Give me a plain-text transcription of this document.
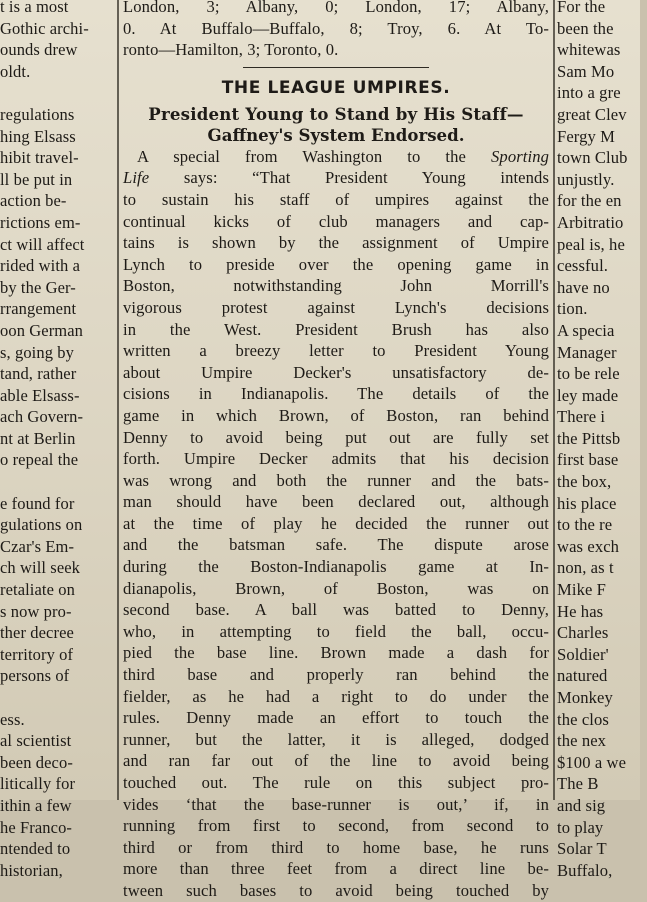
t is a most
Gothic archi-
ounds drew
oldt.

regulations
hing Elsass
hibit travel-
ll be put in
action be-
rictions em-
ct will affect
rided with a
by the Ger-
rrangement
oon German
s, going by
tand, rather
able Elsass-
ach Govern-
nt at Berlin
o repeal the

e found for
gulations on
Czar's Em-
ch will seek
retaliate on
s now pro-
ther decree
territory of
persons of

ess.
al scientist
been deco-
litically for
ithin a few
he Franco-
ntended to
historian,
London, 3; Albany, 0; London, 17; Albany,
0. At Buffalo—Buffalo, 8; Troy, 6. At To-
ronto—Hamilton, 3; Toronto, 0.
THE LEAGUE UMPIRES.
President Young to Stand by His Staff—
Gaffney's System Endorsed.
A special from Washington to the Sporting
Life says: “That President Young intends
to sustain his staff of umpires against the
continual kicks of club managers and cap-
tains is shown by the assignment of Umpire
Lynch to preside over the opening game in
Boston, notwithstanding John Morrill's
vigorous protest against Lynch's decisions
in the West. President Brush has also
written a breezy letter to President Young
about Umpire Decker's unsatisfactory de-
cisions in Indianapolis. The details of the
game in which Brown, of Boston, ran behind
Denny to avoid being put out are fully set
forth. Umpire Decker admits that his decision
was wrong and both the runner and the bats-
man should have been declared out, although
at the time of play he decided the runner out
and the batsman safe. The dispute arose
during the Boston-Indianapolis game at In-
dianapolis, Brown, of Boston, was on
second base. A ball was batted to Denny,
who, in attempting to field the ball, occu-
pied the base line. Brown made a dash for
third base and properly ran behind the
fielder, as he had a right to do under the
rules. Denny made an effort to touch the
runner, but the latter, it is alleged, dodged
and ran far out of the line to avoid being
touched out. The rule on this subject pro-
vides ‘that the base-runner is out,’ if, in
running from first to second, from second to
third or from third to home base, he runs
more than three feet from a direct line be-
tween such bases to avoid being touched by
For the
been the
whitewas
Sam Mo
into a gre
great Clev
Fergy M
town Club
unjustly.
for the en
Arbitratio
peal is, he
cessful.
have no
tion.
A specia
Manager
to be rele
ley made
There i
the Pittsb
first base
the box,
his place
to the re
was exch
non, as t
Mike F
He has
Charles
Soldier'
natured
Monkey
the clos
the nex
$100 a we
The B
and sig
to play
Solar T
Buffalo,
